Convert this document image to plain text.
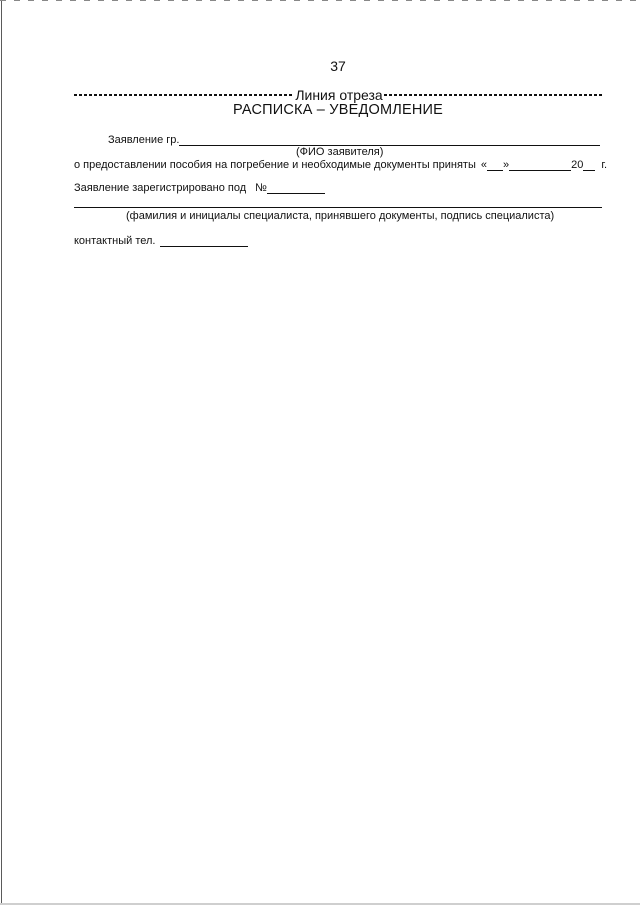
37
Линия отреза
РАСПИСКА – УВЕДОМЛЕНИЕ
Заявление гр.
(ФИО заявителя)
о предоставлении пособия на погребение и необходимые документы приняты « »	20 г.
Заявление зарегистрировано под №
(фамилия и инициалы специалиста, принявшего документы, подпись специалиста)
контактный тел.
